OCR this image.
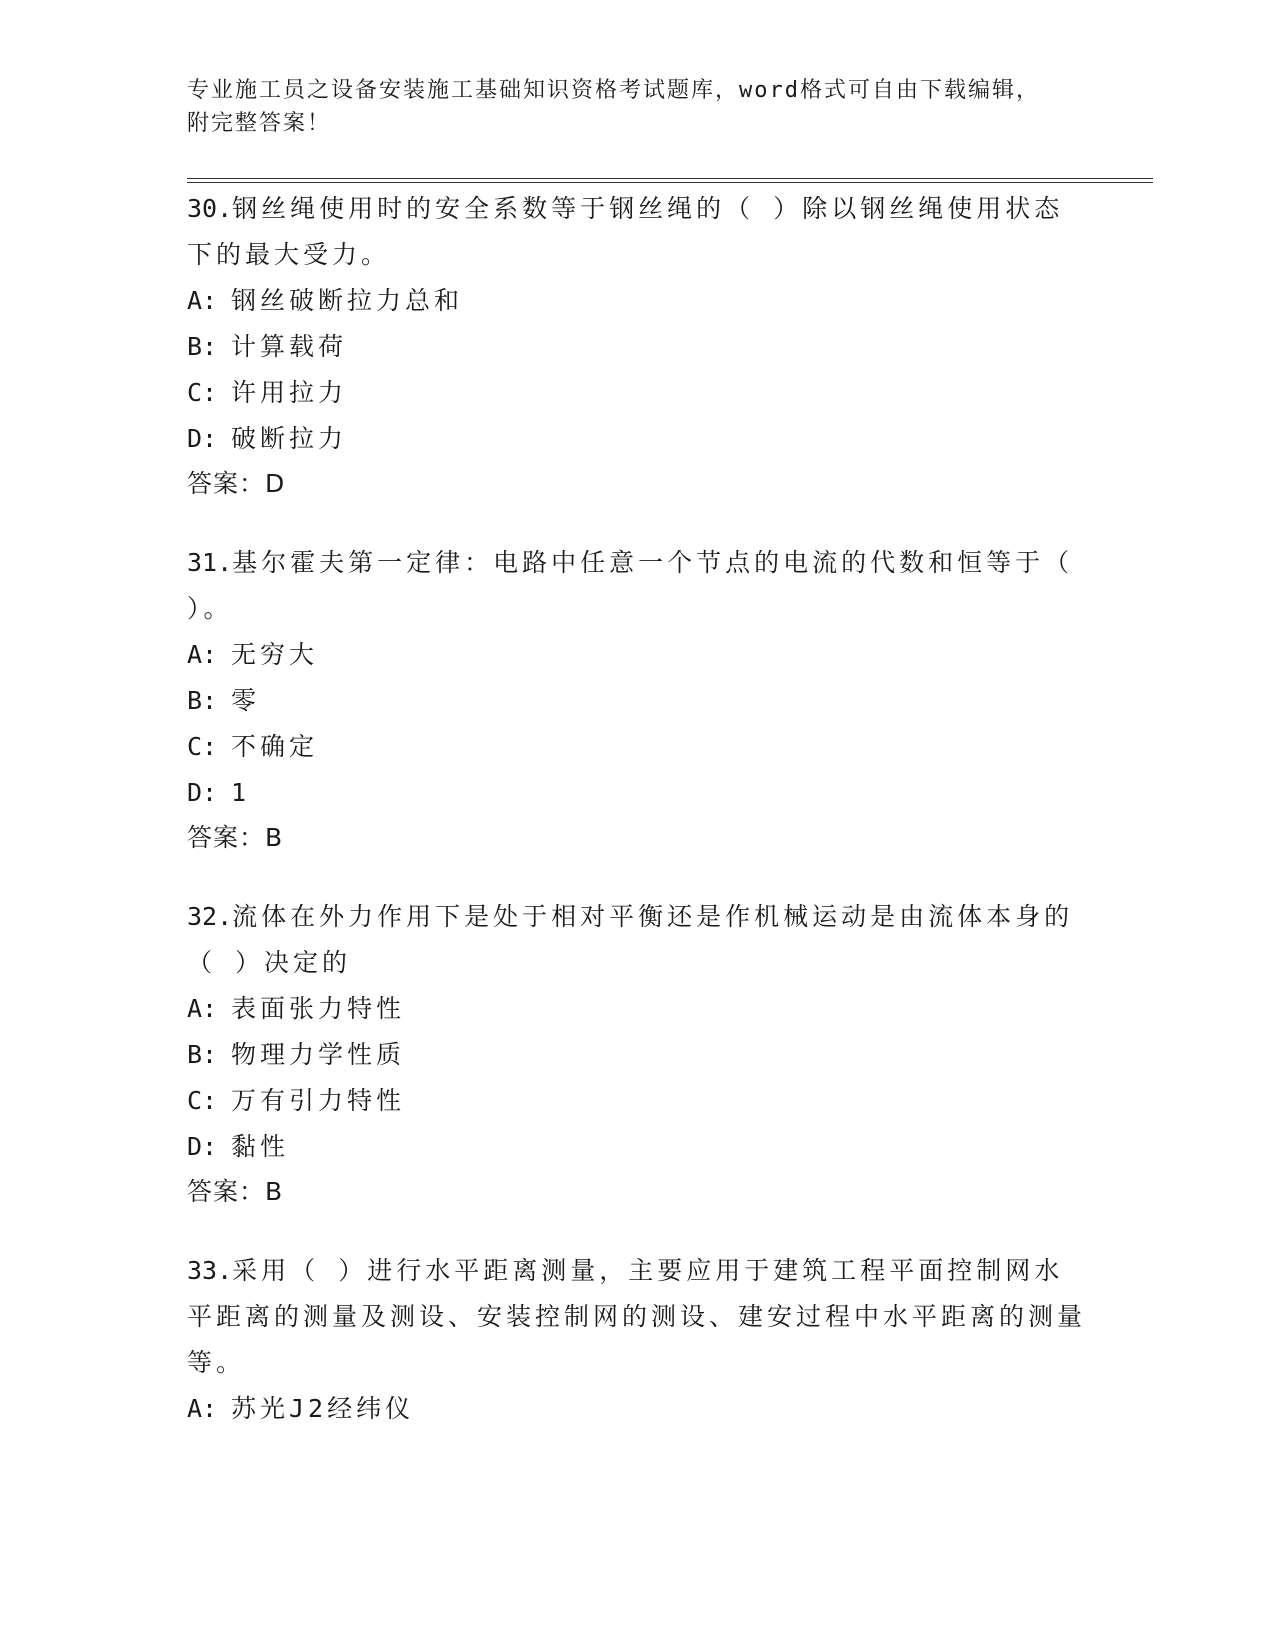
专业施工员之设备安装施工基础知识资格考试题库，word格式可自由下载编辑，
附完整答案！

30.钢丝绳使用时的安全系数等于钢丝绳的（ ）除以钢丝绳使用状态下的最大受力。

A: 钢丝破断拉力总和

B: 计算载荷

C: 许用拉力

D: 破断拉力

答案：D

31.基尔霍夫第一定律：电路中任意一个节点的电流的代数和恒等于（ ）。

A: 无穷大

B: 零

C: 不确定

D: 1

答案：B

32.流体在外力作用下是处于相对平衡还是作机械运动是由流体本身的（ ）决定的

A: 表面张力特性

B: 物理力学性质

C: 万有引力特性

D: 黏性

答案：B

33.采用（ ）进行水平距离测量，主要应用于建筑工程平面控制网水平距离的测量及测设、安装控制网的测设、建安过程中水平距离的测量等。

A: 苏光J2经纬仪
